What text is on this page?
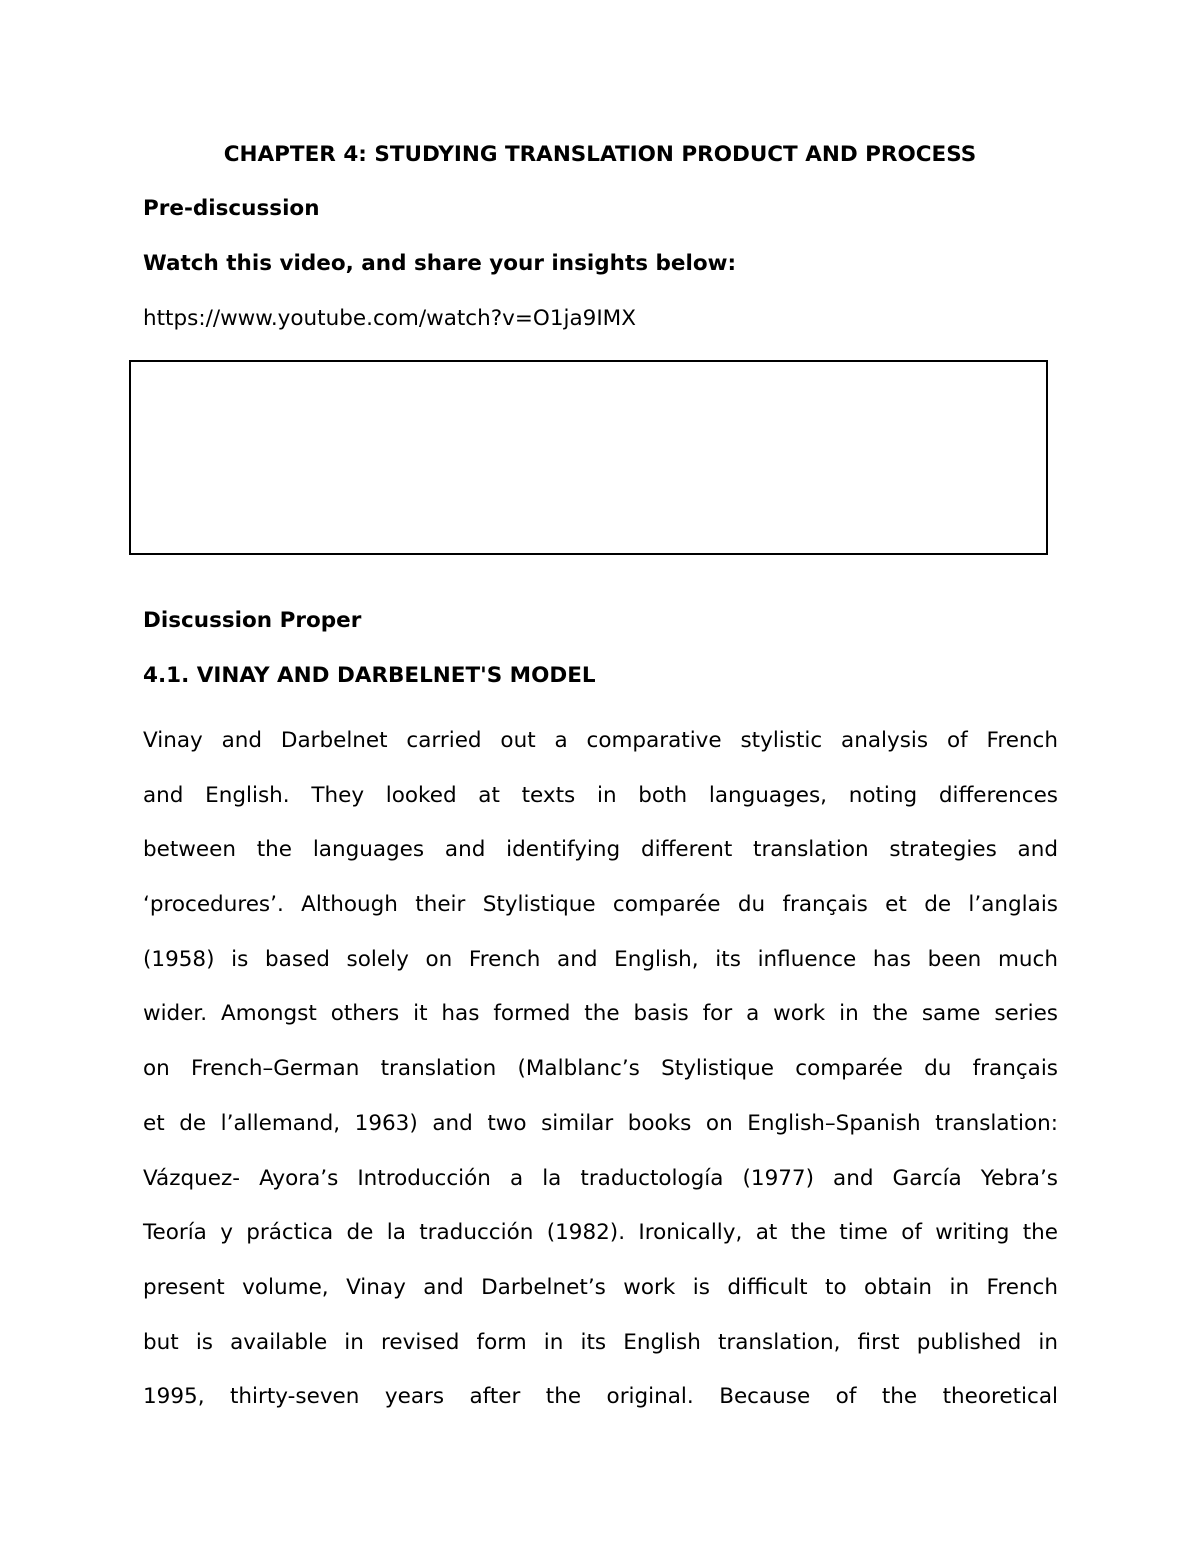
CHAPTER 4: STUDYING TRANSLATION PRODUCT AND PROCESS
Pre-discussion
Watch this video, and share your insights below:
https://www.youtube.com/watch?v=O1ja9IMX
Discussion Proper
4.1. VINAY AND DARBELNET'S MODEL
Vinay and Darbelnet carried out a comparative stylistic analysis of French
and English. They looked at texts in both languages, noting differences
between the languages and identifying different translation strategies and
‘procedures’. Although their Stylistique comparée du français et de l’anglais
(1958) is based solely on French and English, its influence has been much
wider. Amongst others it has formed the basis for a work in the same series
on French–German translation (Malblanc’s Stylistique comparée du français
et de l’allemand, 1963) and two similar books on English–Spanish translation:
Vázquez- Ayora’s Introducción a la traductología (1977) and García Yebra’s
Teoría y práctica de la traducción (1982). Ironically, at the time of writing the
present volume, Vinay and Darbelnet’s work is difficult to obtain in French
but is available in revised form in its English translation, first published in
1995, thirty-seven years after the original. Because of the theoretical
